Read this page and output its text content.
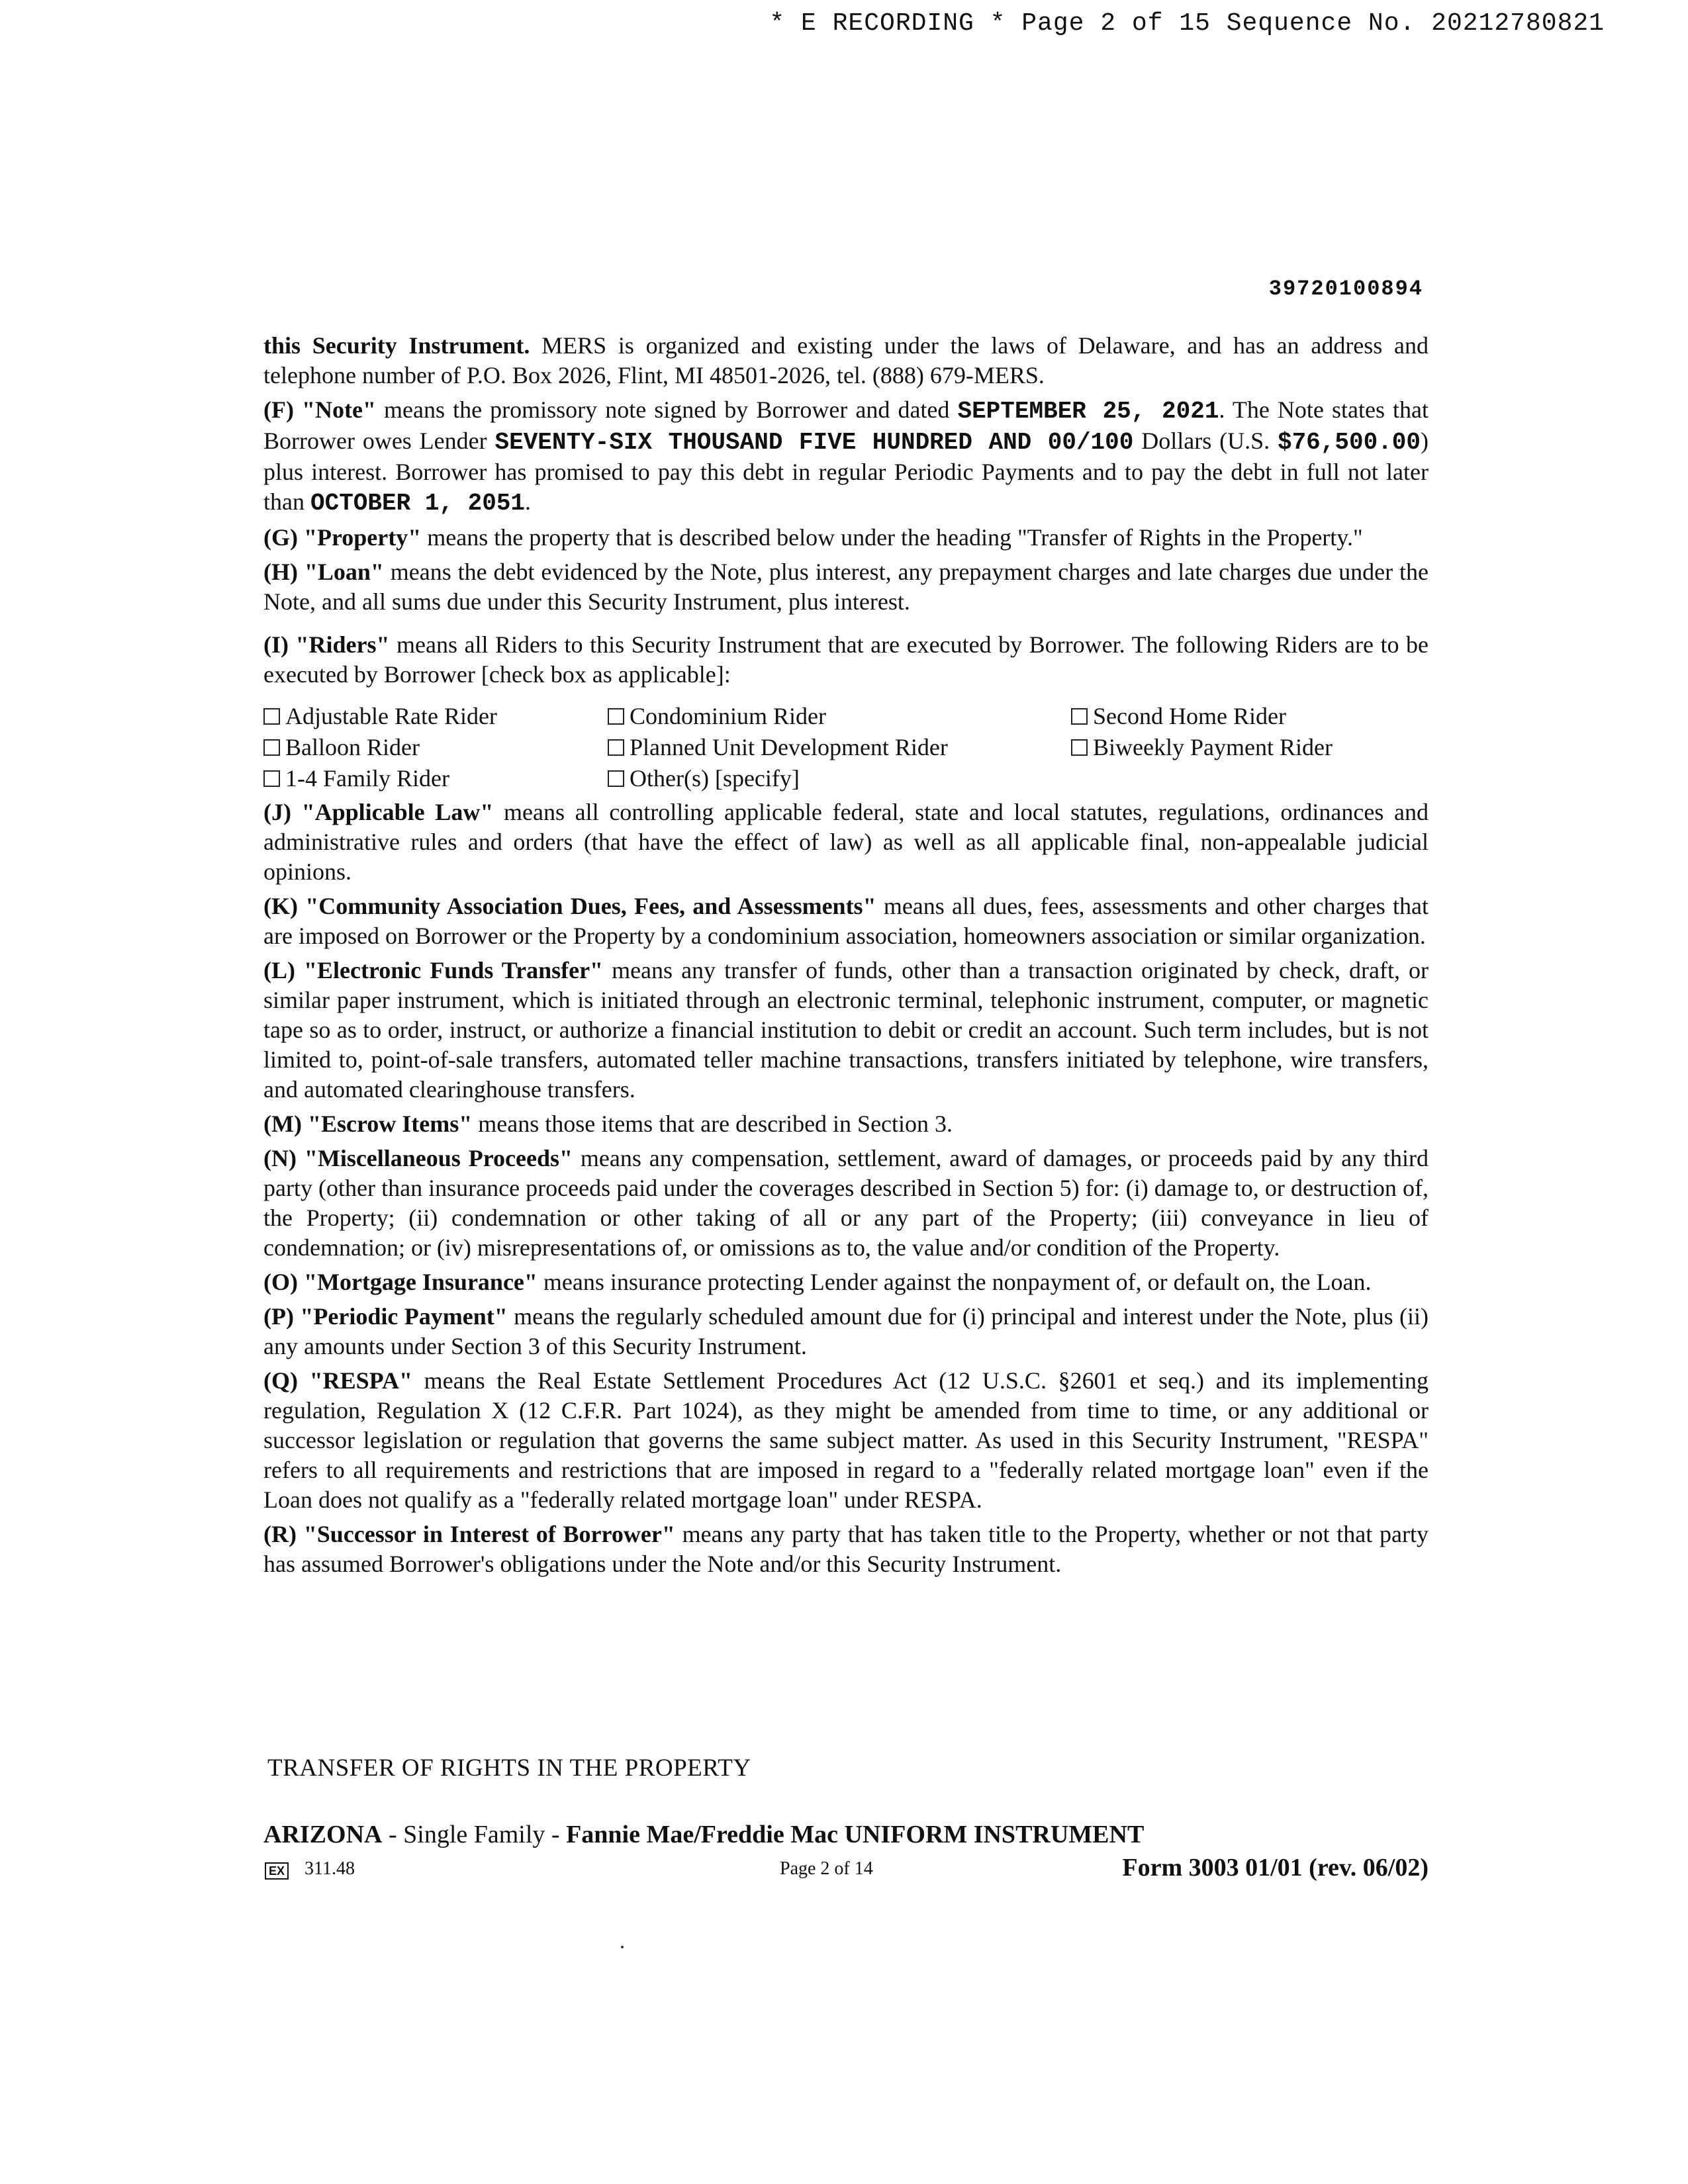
* E RECORDING * Page 2 of 15 Sequence No. 20212780821
39720100894

this Security Instrument. MERS is organized and existing under the laws of Delaware, and has an address and telephone number of P.O. Box 2026, Flint, MI 48501-2026, tel. (888) 679-MERS.

(F) "Note" means the promissory note signed by Borrower and dated SEPTEMBER 25, 2021. The Note states that Borrower owes Lender SEVENTY-SIX THOUSAND FIVE HUNDRED AND 00/100 Dollars (U.S. $76,500.00) plus interest. Borrower has promised to pay this debt in regular Periodic Payments and to pay the debt in full not later than OCTOBER 1, 2051.

(G) "Property" means the property that is described below under the heading "Transfer of Rights in the Property."

(H) "Loan" means the debt evidenced by the Note, plus interest, any prepayment charges and late charges due under the Note, and all sums due under this Security Instrument, plus interest.

(I) "Riders" means all Riders to this Security Instrument that are executed by Borrower. The following Riders are to be executed by Borrower [check box as applicable]:

Adjustable Rate Rider	Condominium Rider	Second Home Rider
Balloon Rider	Planned Unit Development Rider	Biweekly Payment Rider
1-4 Family Rider	Other(s) [specify]

(J) "Applicable Law" means all controlling applicable federal, state and local statutes, regulations, ordinances and administrative rules and orders (that have the effect of law) as well as all applicable final, non-appealable judicial opinions.

(K) "Community Association Dues, Fees, and Assessments" means all dues, fees, assessments and other charges that are imposed on Borrower or the Property by a condominium association, homeowners association or similar organization.

(L) "Electronic Funds Transfer" means any transfer of funds, other than a transaction originated by check, draft, or similar paper instrument, which is initiated through an electronic terminal, telephonic instrument, computer, or magnetic tape so as to order, instruct, or authorize a financial institution to debit or credit an account. Such term includes, but is not limited to, point-of-sale transfers, automated teller machine transactions, transfers initiated by telephone, wire transfers, and automated clearinghouse transfers.

(M) "Escrow Items" means those items that are described in Section 3.

(N) "Miscellaneous Proceeds" means any compensation, settlement, award of damages, or proceeds paid by any third party (other than insurance proceeds paid under the coverages described in Section 5) for: (i) damage to, or destruction of, the Property; (ii) condemnation or other taking of all or any part of the Property; (iii) conveyance in lieu of condemnation; or (iv) misrepresentations of, or omissions as to, the value and/or condition of the Property.

(O) "Mortgage Insurance" means insurance protecting Lender against the nonpayment of, or default on, the Loan.

(P) "Periodic Payment" means the regularly scheduled amount due for (i) principal and interest under the Note, plus (ii) any amounts under Section 3 of this Security Instrument.

(Q) "RESPA" means the Real Estate Settlement Procedures Act (12 U.S.C. §2601 et seq.) and its implementing regulation, Regulation X (12 C.F.R. Part 1024), as they might be amended from time to time, or any additional or successor legislation or regulation that governs the same subject matter. As used in this Security Instrument, "RESPA" refers to all requirements and restrictions that are imposed in regard to a "federally related mortgage loan" even if the Loan does not qualify as a "federally related mortgage loan" under RESPA.

(R) "Successor in Interest of Borrower" means any party that has taken title to the Property, whether or not that party has assumed Borrower's obligations under the Note and/or this Security Instrument.

TRANSFER OF RIGHTS IN THE PROPERTY
ARIZONA - Single Family - Fannie Mae/Freddie Mac UNIFORM INSTRUMENT
EX 311.48	Page 2 of 14	Form 3003 01/01 (rev. 06/02)
